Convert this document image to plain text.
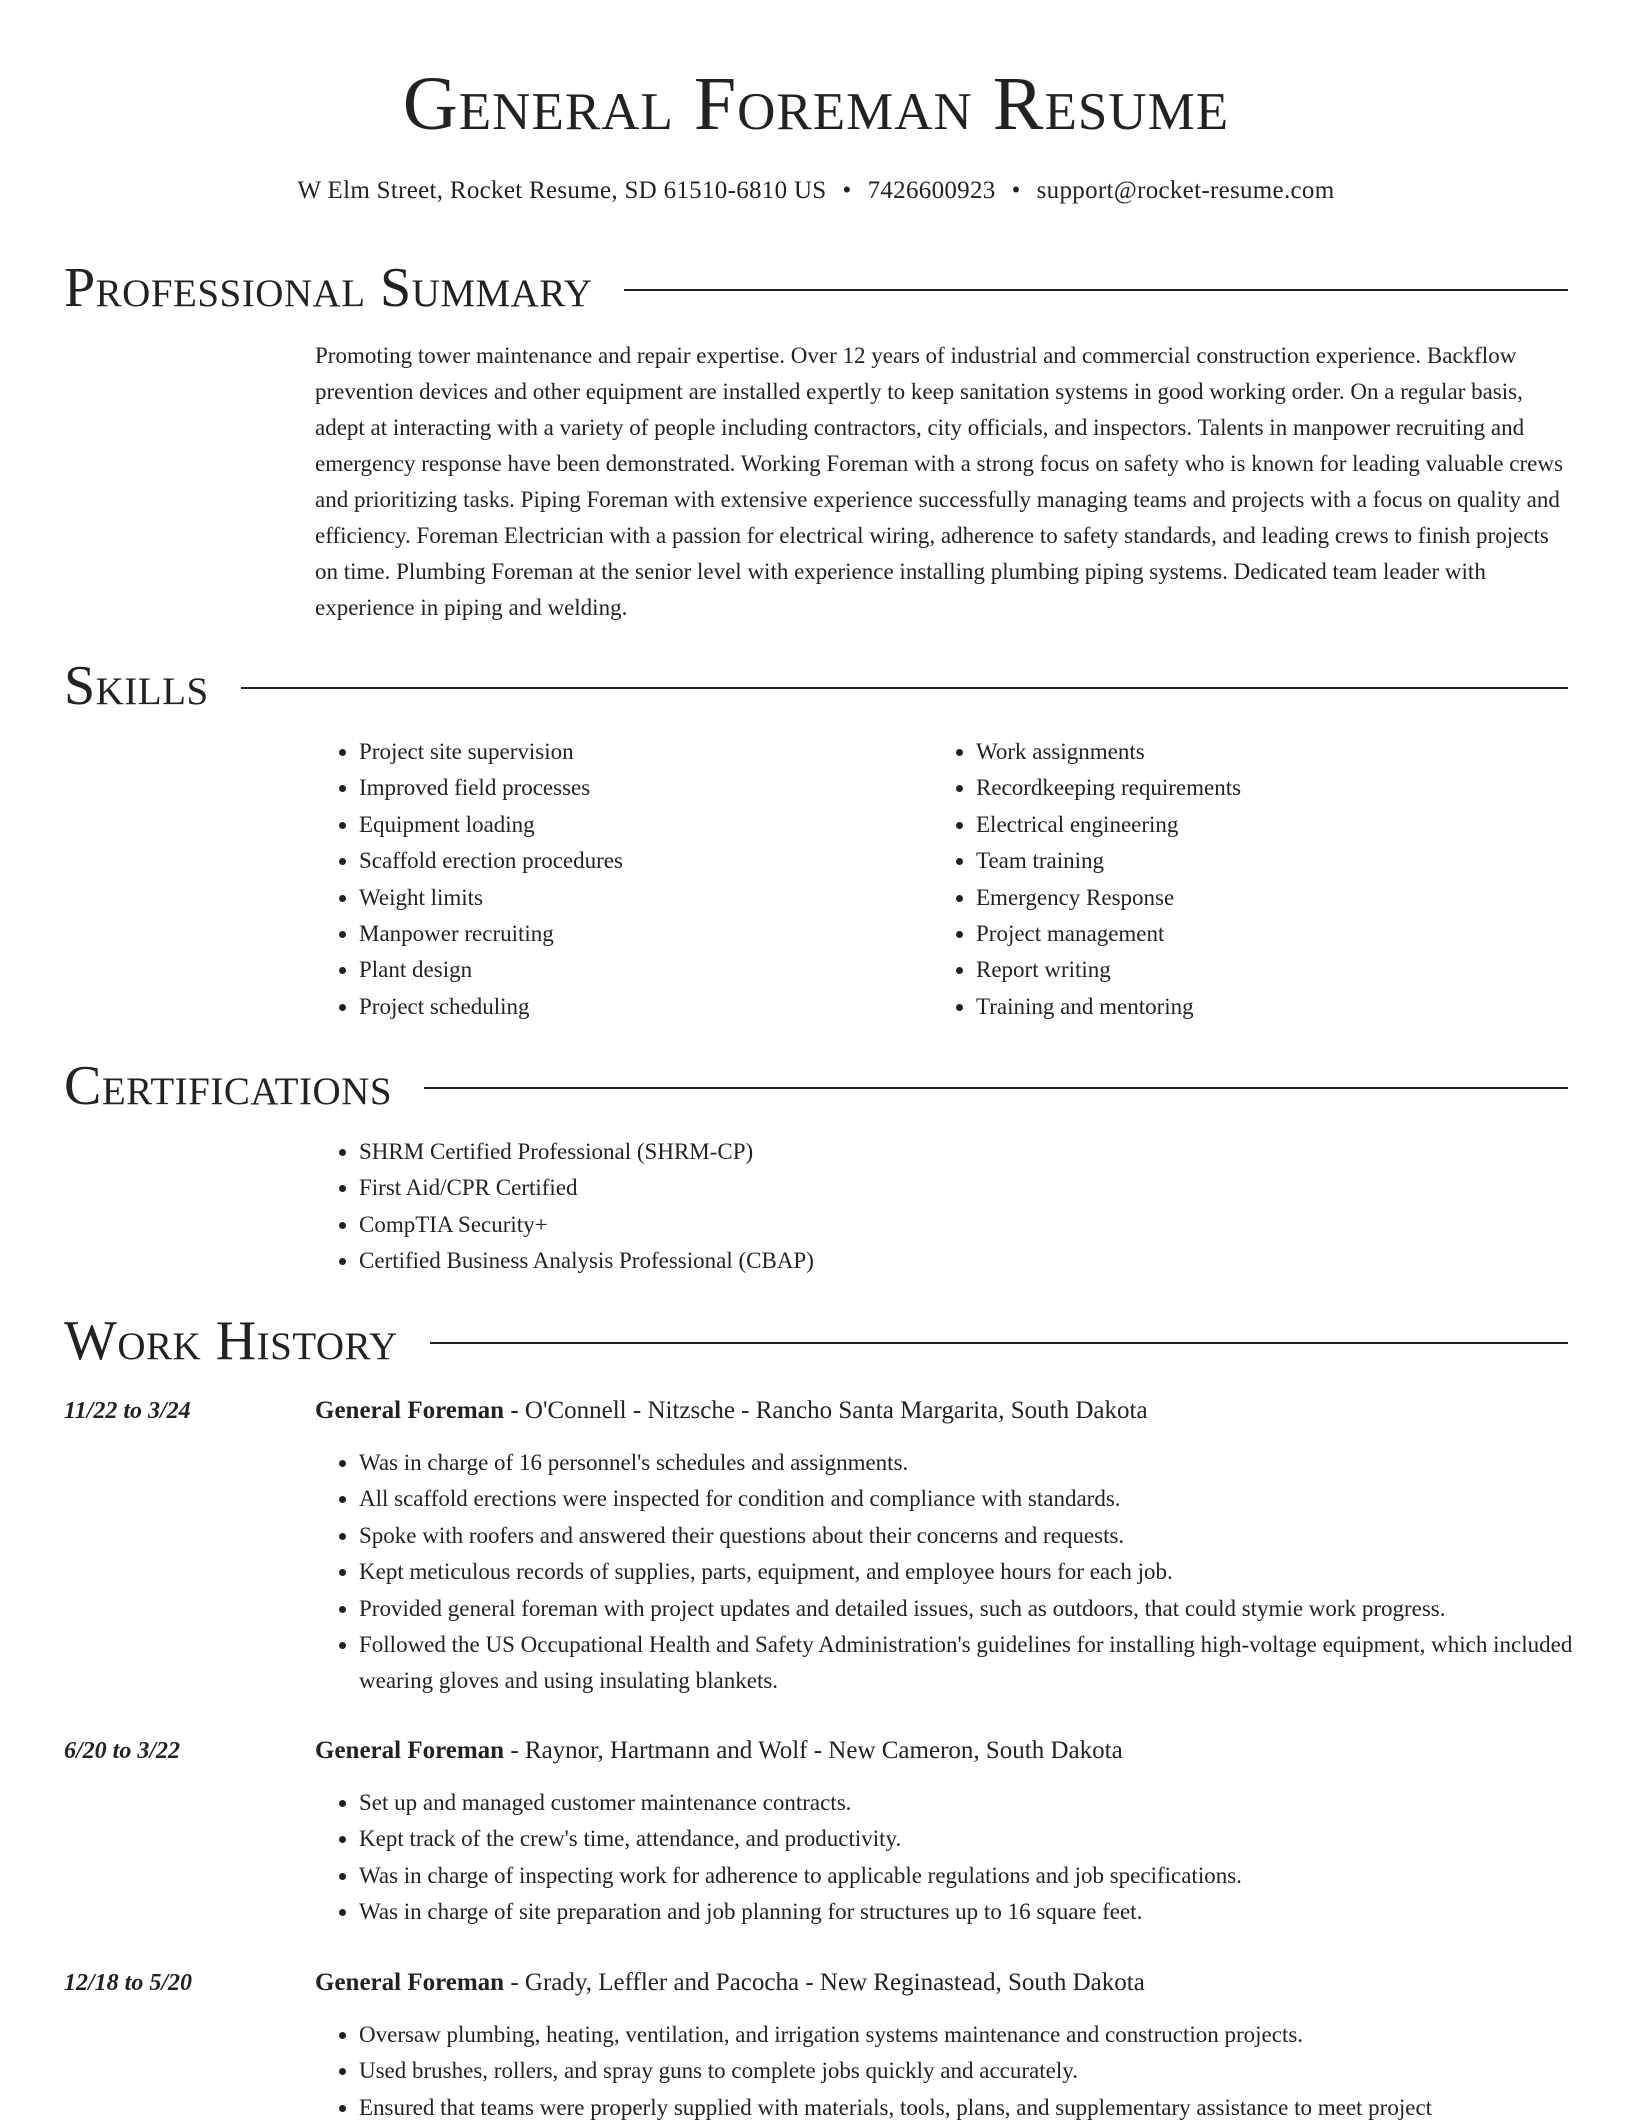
General Foreman Resume
W Elm Street, Rocket Resume, SD 61510-6810 US • 7426600923 • support@rocket-resume.com
Professional Summary

Promoting tower maintenance and repair expertise. Over 12 years of industrial and commercial construction experience. Backflow prevention devices and other equipment are installed expertly to keep sanitation systems in good working order. On a regular basis, adept at interacting with a variety of people including contractors, city officials, and inspectors. Talents in manpower recruiting and emergency response have been demonstrated. Working Foreman with a strong focus on safety who is known for leading valuable crews and prioritizing tasks. Piping Foreman with extensive experience successfully managing teams and projects with a focus on quality and efficiency. Foreman Electrician with a passion for electrical wiring, adherence to safety standards, and leading crews to finish projects on time. Plumbing Foreman at the senior level with experience installing plumbing piping systems. Dedicated team leader with experience in piping and welding.

Skills
• Project site supervision
• Improved field processes
• Equipment loading
• Scaffold erection procedures
• Weight limits
• Manpower recruiting
• Plant design
• Project scheduling
• Work assignments
• Recordkeeping requirements
• Electrical engineering
• Team training
• Emergency Response
• Project management
• Report writing
• Training and mentoring
Certifications
• SHRM Certified Professional (SHRM-CP)
• First Aid/CPR Certified
• CompTIA Security+
• Certified Business Analysis Professional (CBAP)
Work History
11/22 to 3/24	General Foreman - O'Connell - Nitzsche - Rancho Santa Margarita, South Dakota
• Was in charge of 16 personnel's schedules and assignments.
• All scaffold erections were inspected for condition and compliance with standards.
• Spoke with roofers and answered their questions about their concerns and requests.
• Kept meticulous records of supplies, parts, equipment, and employee hours for each job.
• Provided general foreman with project updates and detailed issues, such as outdoors, that could stymie work progress.
• Followed the US Occupational Health and Safety Administration's guidelines for installing high-voltage equipment, which included wearing gloves and using insulating blankets.
6/20 to 3/22	General Foreman - Raynor, Hartmann and Wolf - New Cameron, South Dakota
• Set up and managed customer maintenance contracts.
• Kept track of the crew's time, attendance, and productivity.
• Was in charge of inspecting work for adherence to applicable regulations and job specifications.
• Was in charge of site preparation and job planning for structures up to 16 square feet.
12/18 to 5/20	General Foreman - Grady, Leffler and Pacocha - New Reginastead, South Dakota
• Oversaw plumbing, heating, ventilation, and irrigation systems maintenance and construction projects.
• Used brushes, rollers, and spray guns to complete jobs quickly and accurately.
• Ensured that teams were properly supplied with materials, tools, plans, and supplementary assistance to meet project
